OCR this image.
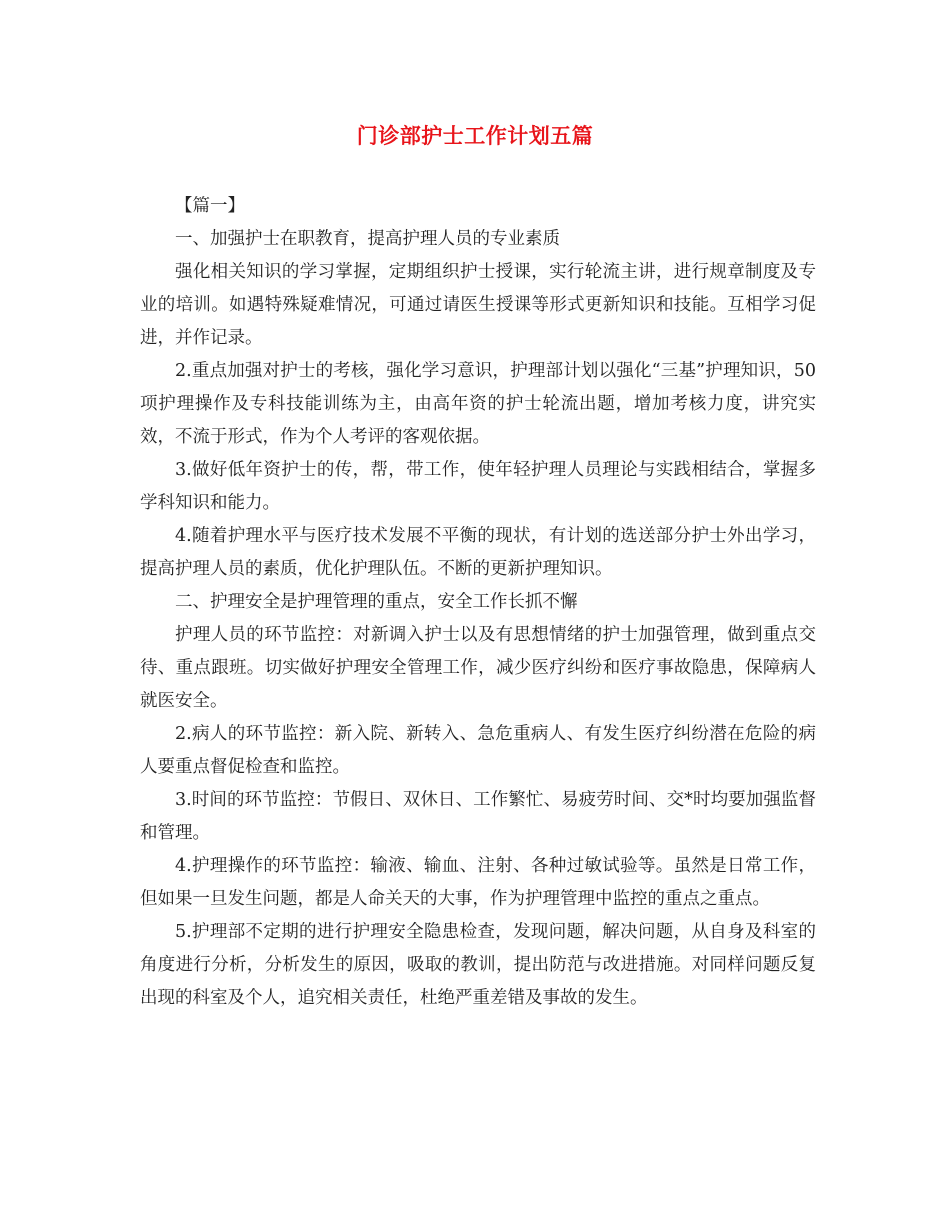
门诊部护士工作计划五篇

【篇一】

一、加强护士在职教育，提高护理人员的专业素质

强化相关知识的学习掌握，定期组织护士授课，实行轮流主讲，进行规章制度及专业的培训。如遇特殊疑难情况，可通过请医生授课等形式更新知识和技能。互相学习促进，并作记录。

2.重点加强对护士的考核，强化学习意识，护理部计划以强化“三基”护理知识，50项护理操作及专科技能训练为主，由高年资的护士轮流出题，增加考核力度，讲究实效，不流于形式，作为个人考评的客观依据。

3.做好低年资护士的传，帮，带工作，使年轻护理人员理论与实践相结合，掌握多学科知识和能力。

4.随着护理水平与医疗技术发展不平衡的现状，有计划的选送部分护士外出学习，提高护理人员的素质，优化护理队伍。不断的更新护理知识。

二、护理安全是护理管理的重点，安全工作长抓不懈

护理人员的环节监控：对新调入护士以及有思想情绪的护士加强管理，做到重点交待、重点跟班。切实做好护理安全管理工作，减少医疗纠纷和医疗事故隐患，保障病人就医安全。

2.病人的环节监控：新入院、新转入、急危重病人、有发生医疗纠纷潜在危险的病人要重点督促检查和监控。

3.时间的环节监控：节假日、双休日、工作繁忙、易疲劳时间、交*时均要加强监督和管理。

4.护理操作的环节监控：输液、输血、注射、各种过敏试验等。虽然是日常工作，但如果一旦发生问题，都是人命关天的大事，作为护理管理中监控的重点之重点。

5.护理部不定期的进行护理安全隐患检查，发现问题，解决问题，从自身及科室的角度进行分析，分析发生的原因，吸取的教训，提出防范与改进措施。对同样问题反复出现的科室及个人，追究相关责任，杜绝严重差错及事故的发生。
